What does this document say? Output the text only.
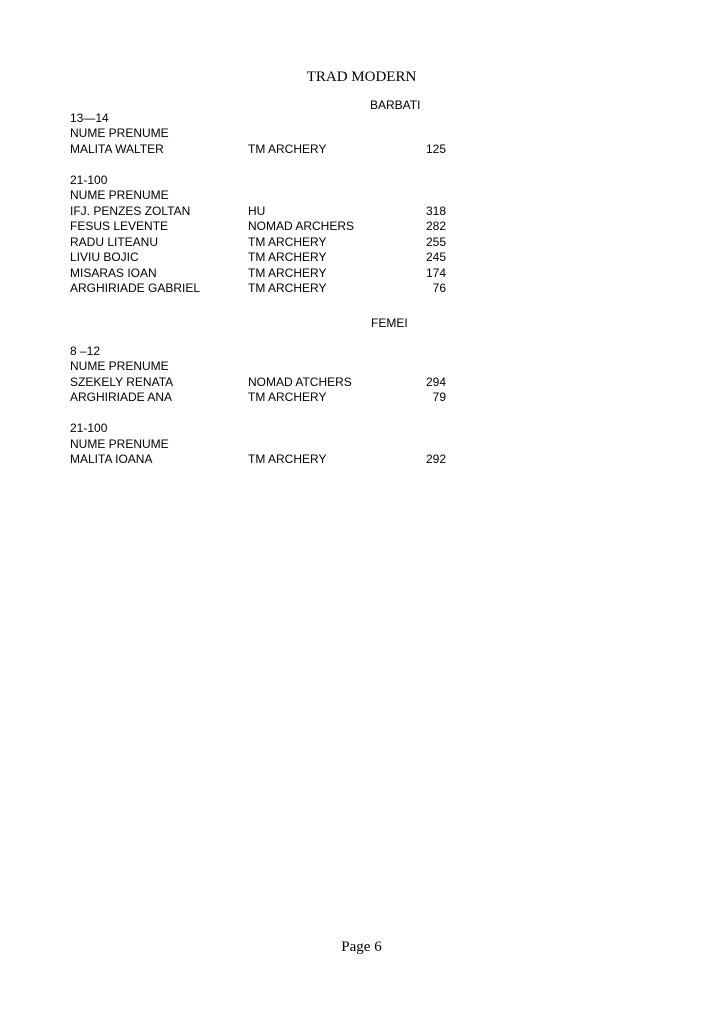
TRAD MODERN
BARBATI
13—14
NUME PRENUME
MALITA WALTER	TM ARCHERY	125
21-100
NUME PRENUME
IFJ. PENZES ZOLTAN	HU	318
FESUS LEVENTE	NOMAD ARCHERS	282
RADU LITEANU	TM ARCHERY	255
LIVIU BOJIC	TM ARCHERY	245
MISARAS IOAN	TM ARCHERY	174
ARGHIRIADE GABRIEL	TM ARCHERY	76
FEMEI
8 –12
NUME PRENUME
SZEKELY RENATA	NOMAD ATCHERS	294
ARGHIRIADE ANA	TM ARCHERY	79
21-100
NUME PRENUME
MALITA IOANA	TM ARCHERY	292
Page 6
